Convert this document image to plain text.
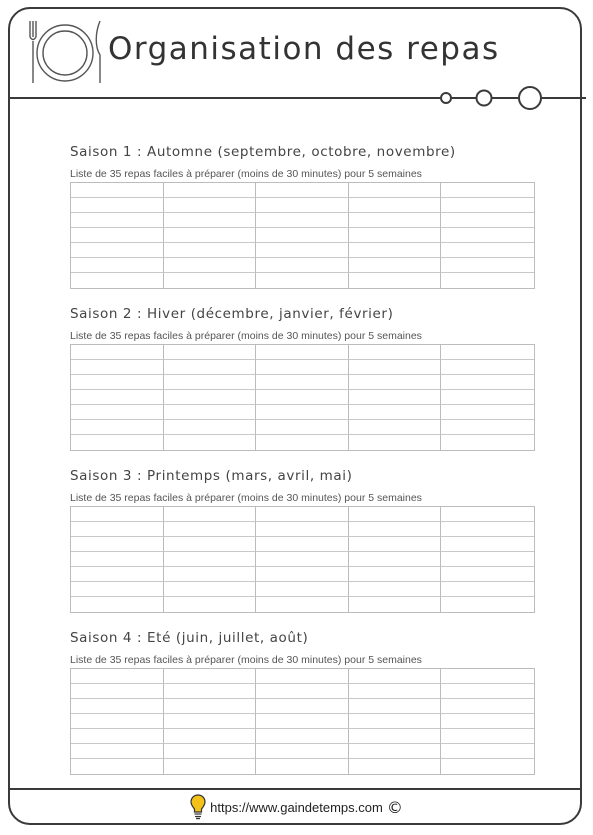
Organisation des repas
Saison 1 : Automne (septembre, octobre, novembre)
Liste de 35 repas faciles à préparer (moins de 30 minutes) pour 5 semaines
Saison 2 : Hiver (décembre, janvier, février)
Liste de 35 repas faciles à préparer (moins de 30 minutes) pour 5 semaines
Saison 3 : Printemps (mars, avril, mai)
Liste de 35 repas faciles à préparer (moins de 30 minutes) pour 5 semaines
Saison 4 : Eté (juin, juillet, août)
Liste de 35 repas faciles à préparer (moins de 30 minutes) pour 5 semaines
https://www.gaindetemps.com ©
